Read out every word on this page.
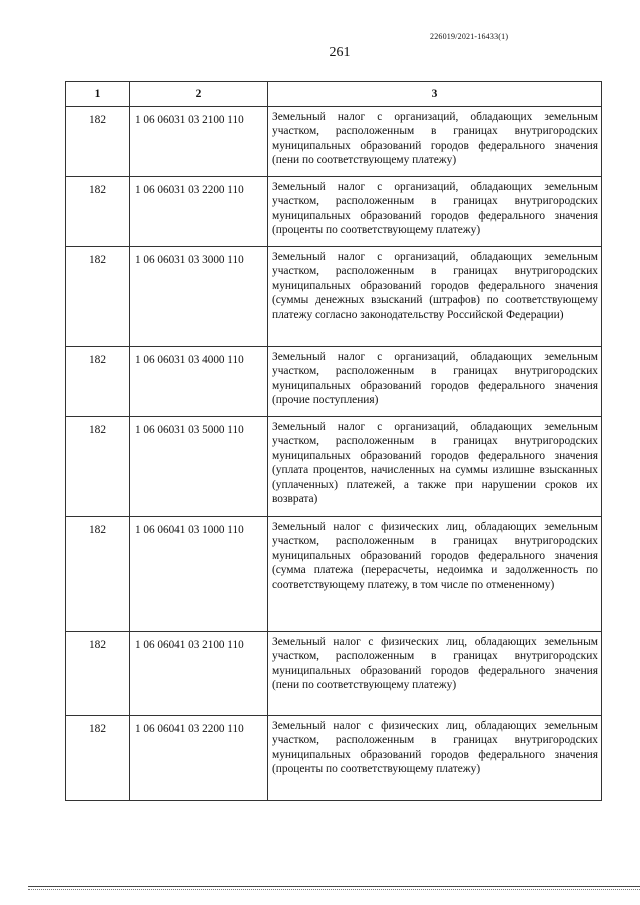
226019/2021-16433(1)
261
1	2	3
182	1 06 06031 03 2100 110	Земельный налог с организаций, обладающих земельным участком, расположенным в границах внутригородских муниципальных образований городов федерального значения (пени по соответствующему платежу)
182	1 06 06031 03 2200 110	Земельный налог с организаций, обладающих земельным участком, расположенным в границах внутригородских муниципальных образований городов федерального значения (проценты по соответствующему платежу)
182	1 06 06031 03 3000 110	Земельный налог с организаций, обладающих земельным участком, расположенным в границах внутригородских муниципальных образований городов федерального значения (суммы денежных взысканий (штрафов) по соответствующему платежу согласно законодательству Российской Федерации)
182	1 06 06031 03 4000 110	Земельный налог с организаций, обладающих земельным участком, расположенным в границах внутригородских муниципальных образований городов федерального значения (прочие поступления)
182	1 06 06031 03 5000 110	Земельный налог с организаций, обладающих земельным участком, расположенным в границах внутригородских муниципальных образований городов федерального значения (уплата процентов, начисленных на суммы излишне взысканных (уплаченных) платежей, а также при нарушении сроков их возврата)
182	1 06 06041 03 1000 110	Земельный налог с физических лиц, обладающих земельным участком, расположенным в границах внутригородских муниципальных образований городов федерального значения (сумма платежа (перерасчеты, недоимка и задолженность по соответствующему платежу, в том числе по отмененному)
182	1 06 06041 03 2100 110	Земельный налог с физических лиц, обладающих земельным участком, расположенным в границах внутригородских муниципальных образований городов федерального значения (пени по соответствующему платежу)
182	1 06 06041 03 2200 110	Земельный налог с физических лиц, обладающих земельным участком, расположенным в границах внутригородских муниципальных образований городов федерального значения (проценты по соответствующему платежу)
